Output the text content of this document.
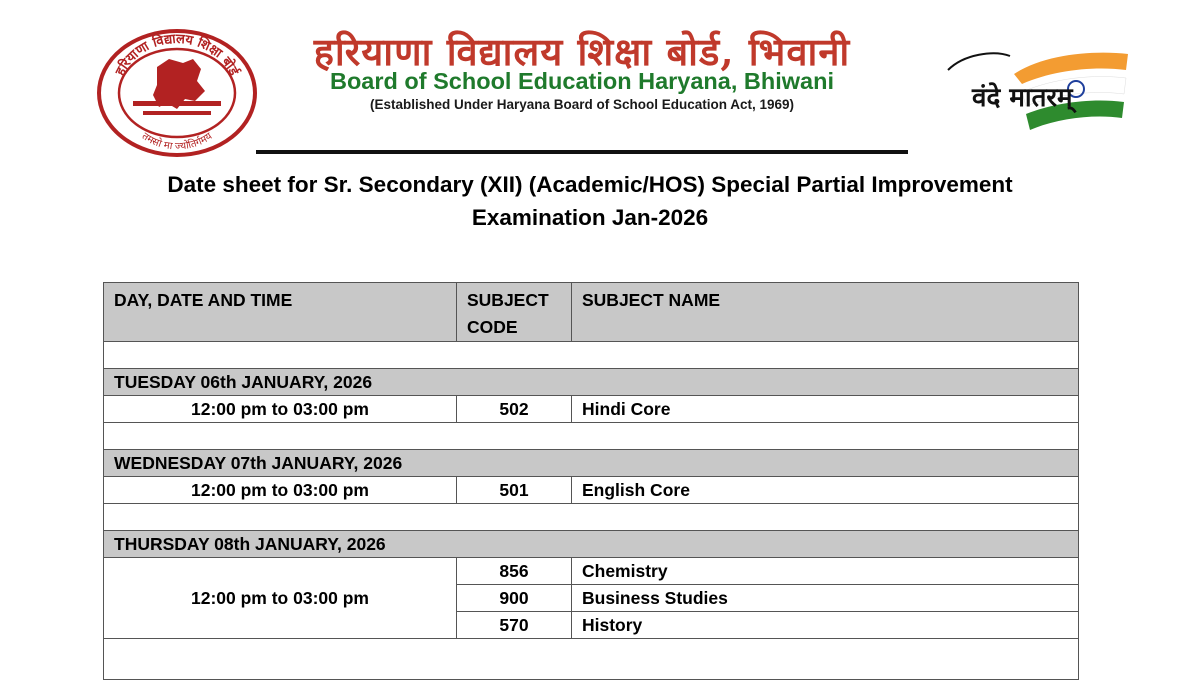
हरियाणा विद्यालय शिक्षा बोर्ड
तमसो मा ज्योतिर्गमय
हरियाणा विद्यालय शिक्षा बोर्ड, भिवानी
Board of School Education Haryana, Bhiwani
(Established Under Haryana Board of School Education Act, 1969)	वंदे मातरम्
Date sheet for Sr. Secondary (XII) (Academic/HOS) Special Partial Improvement
Examination Jan-2026
DAY, DATE AND TIME	SUBJECT CODE	SUBJECT NAME

TUESDAY 06th JANUARY, 2026		
12:00 pm to 03:00 pm	502	Hindi Core

WEDNESDAY 07th JANUARY, 2026		
12:00 pm to 03:00 pm	501	English Core

THURSDAY 08th JANUARY, 2026		
12:00 pm to 03:00 pm	856	Chemistry
	900	Business Studies
	570	History
